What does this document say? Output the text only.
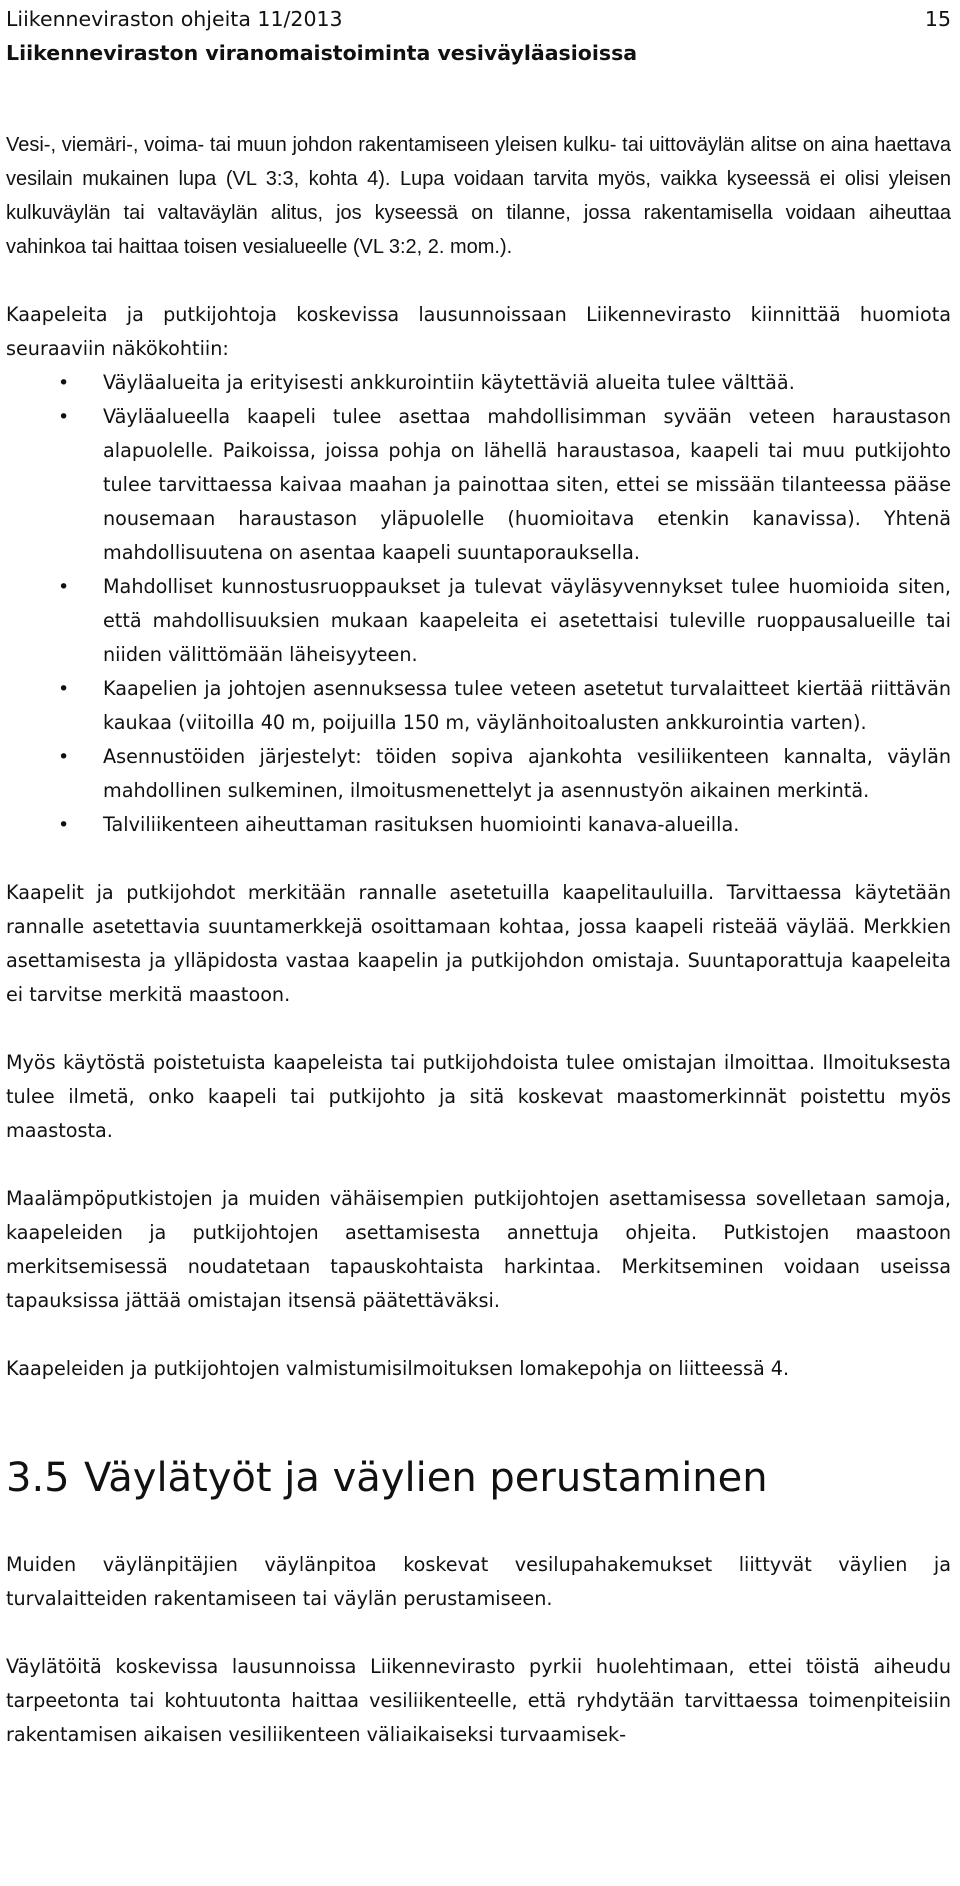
Liikenneviraston ohjeita 11/2013
Liikenneviraston viranomaistoiminta vesiväyläasioissa
15

Vesi-, viemäri-, voima- tai muun johdon rakentamiseen yleisen kulku- tai uittoväylän alitse on aina haettava vesilain mukainen lupa (VL 3:3, kohta 4). Lupa voidaan tarvita myös, vaikka kyseessä ei olisi yleisen kulkuväylän tai valtaväylän alitus, jos kyseessä on tilanne, jossa rakentamisella voidaan aiheuttaa vahinkoa tai haittaa toisen vesialueelle (VL 3:2, 2. mom.).

Kaapeleita ja putkijohtoja koskevissa lausunnoissaan Liikennevirasto kiinnittää huomiota seuraaviin näkökohtiin:

• Väyläalueita ja erityisesti ankkurointiin käytettäviä alueita tulee välttää.
• Väyläalueella kaapeli tulee asettaa mahdollisimman syvään veteen haraustason alapuolelle. Paikoissa, joissa pohja on lähellä haraustasoa, kaapeli tai muu putkijohto tulee tarvittaessa kaivaa maahan ja painottaa siten, ettei se missään tilanteessa pääse nousemaan haraustason yläpuolelle (huomioitava etenkin kanavissa). Yhtenä mahdollisuutena on asentaa kaapeli suuntaporauksella.
• Mahdolliset kunnostusruoppaukset ja tulevat väyläsyvennykset tulee huomioida siten, että mahdollisuuksien mukaan kaapeleita ei asetettaisi tuleville ruoppausalueille tai niiden välittömään läheisyyteen.
• Kaapelien ja johtojen asennuksessa tulee veteen asetetut turvalaitteet kiertää riittävän kaukaa (viitoilla 40 m, poijuilla 150 m, väylänhoitoalusten ankkurointia varten).
• Asennustöiden järjestelyt: töiden sopiva ajankohta vesiliikenteen kannalta, väylän mahdollinen sulkeminen, ilmoitusmenettelyt ja asennustyön aikainen merkintä.
• Talviliikenteen aiheuttaman rasituksen huomiointi kanava-alueilla.

Kaapelit ja putkijohdot merkitään rannalle asetetuilla kaapelitauluilla. Tarvittaessa käytetään rannalle asetettavia suuntamerkkejä osoittamaan kohtaa, jossa kaapeli risteää väylää. Merkkien asettamisesta ja ylläpidosta vastaa kaapelin ja putkijohdon omistaja. Suuntaporattuja kaapeleita ei tarvitse merkitä maastoon.

Myös käytöstä poistetuista kaapeleista tai putkijohdoista tulee omistajan ilmoittaa. Ilmoituksesta tulee ilmetä, onko kaapeli tai putkijohto ja sitä koskevat maastomerkinnät poistettu myös maastosta.

Maalämpöputkistojen ja muiden vähäisempien putkijohtojen asettamisessa sovelletaan samoja, kaapeleiden ja putkijohtojen asettamisesta annettuja ohjeita. Putkistojen maastoon merkitsemisessä noudatetaan tapauskohtaista harkintaa. Merkitseminen voidaan useissa tapauksissa jättää omistajan itsensä päätettäväksi.

Kaapeleiden ja putkijohtojen valmistumisilmoituksen lomakepohja on liitteessä 4.

3.5 Väylätyöt ja väylien perustaminen

Muiden väylänpitäjien väylänpitoa koskevat vesilupahakemukset liittyvät väylien ja turvalaitteiden rakentamiseen tai väylän perustamiseen.

Väylätöitä koskevissa lausunnoissa Liikennevirasto pyrkii huolehtimaan, ettei töistä aiheudu tarpeetonta tai kohtuutonta haittaa vesiliikenteelle, että ryhdytään tarvittaessa toimenpiteisiin rakentamisen aikaisen vesiliikenteen väliaikaiseksi turvaamisek-
